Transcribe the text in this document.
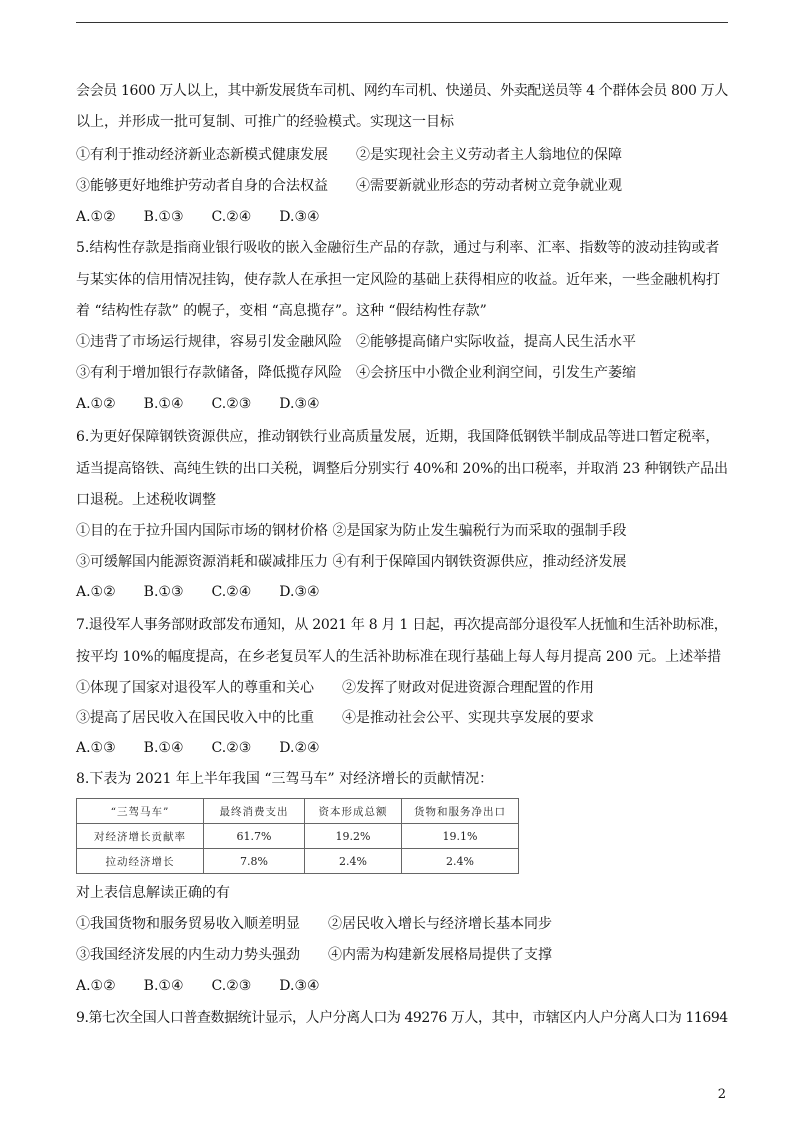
会会员 1600 万人以上，其中新发展货车司机、网约车司机、快递员、外卖配送员等 4 个群体会员 800 万人
以上，并形成一批可复制、可推广的经验模式。实现这一目标
①有利于推动经济新业态新模式健康发展　　②是实现社会主义劳动者主人翁地位的保障
③能够更好地维护劳动者自身的合法权益　　④需要新就业形态的劳动者树立竞争就业观
A.①②　　B.①③　　C.②④　　D.③④
5.结构性存款是指商业银行吸收的嵌入金融衍生产品的存款，通过与利率、汇率、指数等的波动挂钩或者
与某实体的信用情况挂钩，使存款人在承担一定风险的基础上获得相应的收益。近年来，一些金融机构打
着 “结构性存款” 的幌子，变相 “高息揽存”。这种 “假结构性存款”
①违背了市场运行规律，容易引发金融风险　②能够提高储户实际收益，提高人民生活水平
③有利于增加银行存款储备，降低揽存风险　④会挤压中小微企业利润空间，引发生产萎缩
A.①②　　B.①④　　C.②③　　D.③④
6.为更好保障钢铁资源供应，推动钢铁行业高质量发展，近期，我国降低钢铁半制成品等进口暂定税率，
适当提高铬铁、高纯生铁的出口关税，调整后分别实行 40%和 20%的出口税率，并取消 23 种钢铁产品出
口退税。上述税收调整
①目的在于拉升国内国际市场的钢材价格 ②是国家为防止发生骗税行为而采取的强制手段
③可缓解国内能源资源消耗和碳减排压力 ④有利于保障国内钢铁资源供应，推动经济发展
A.①②　　B.①③　　C.②④　　D.③④
7.退役军人事务部财政部发布通知，从 2021 年 8 月 1 日起，再次提高部分退役军人抚恤和生活补助标准，
按平均 10%的幅度提高，在乡老复员军人的生活补助标准在现行基础上每人每月提高 200 元。上述举措
①体现了国家对退役军人的尊重和关心　　②发挥了财政对促进资源合理配置的作用
③提高了居民收入在国民收入中的比重　　④是推动社会公平、实现共享发展的要求
A.①③　　B.①④　　C.②③　　D.②④
8.下表为 2021 年上半年我国 “三驾马车” 对经济增长的贡献情况：
“三驾马车”	最终消费支出	资本形成总额	货物和服务净出口
对经济增长贡献率	61.7%	19.2%	19.1%
拉动经济增长	7.8%	2.4%	2.4%
对上表信息解读正确的有
①我国货物和服务贸易收入顺差明显　　②居民收入增长与经济增长基本同步
③我国经济发展的内生动力势头强劲　　④内需为构建新发展格局提供了支撑
A.①②　　B.①④　　C.②③　　D.③④
9.第七次全国人口普查数据统计显示，人户分离人口为 49276 万人，其中，市辖区内人户分离人口为 11694
2
